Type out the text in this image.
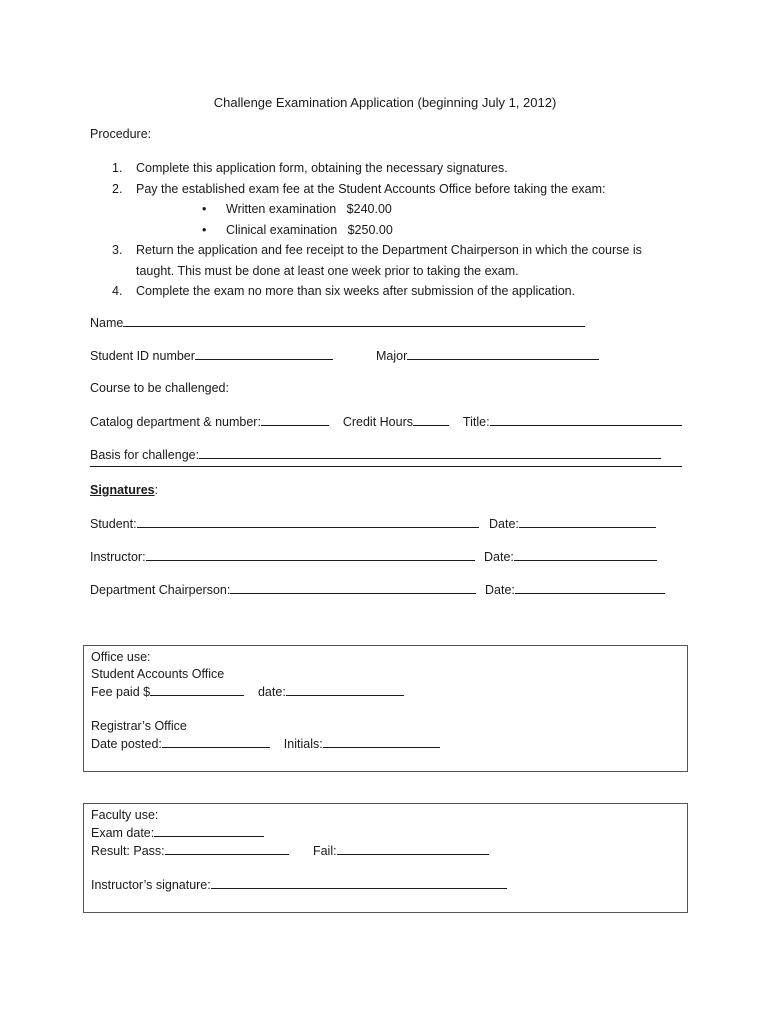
Challenge Examination Application (beginning July 1, 2012)
Procedure:
1. Complete this application form, obtaining the necessary signatures.
2. Pay the established exam fee at the Student Accounts Office before taking the exam:
• Written examination $240.00
• Clinical examination $250.00
3. Return the application and fee receipt to the Department Chairperson in which the course is
taught. This must be done at least one week prior to taking the exam.
4. Complete the exam no more than six weeks after submission of the application.
Name
Student ID number	Major
Course to be challenged:
Catalog department & number:	Credit Hours	Title:
Basis for challenge:
Signatures:
Student:	Date:
Instructor:	Date:
Department Chairperson:	Date:
Office use:
Student Accounts Office
Fee paid $	date:
Registrar’s Office
Date posted:	Initials:
Faculty use:
Exam date:
Result: Pass:	Fail:
Instructor’s signature:
